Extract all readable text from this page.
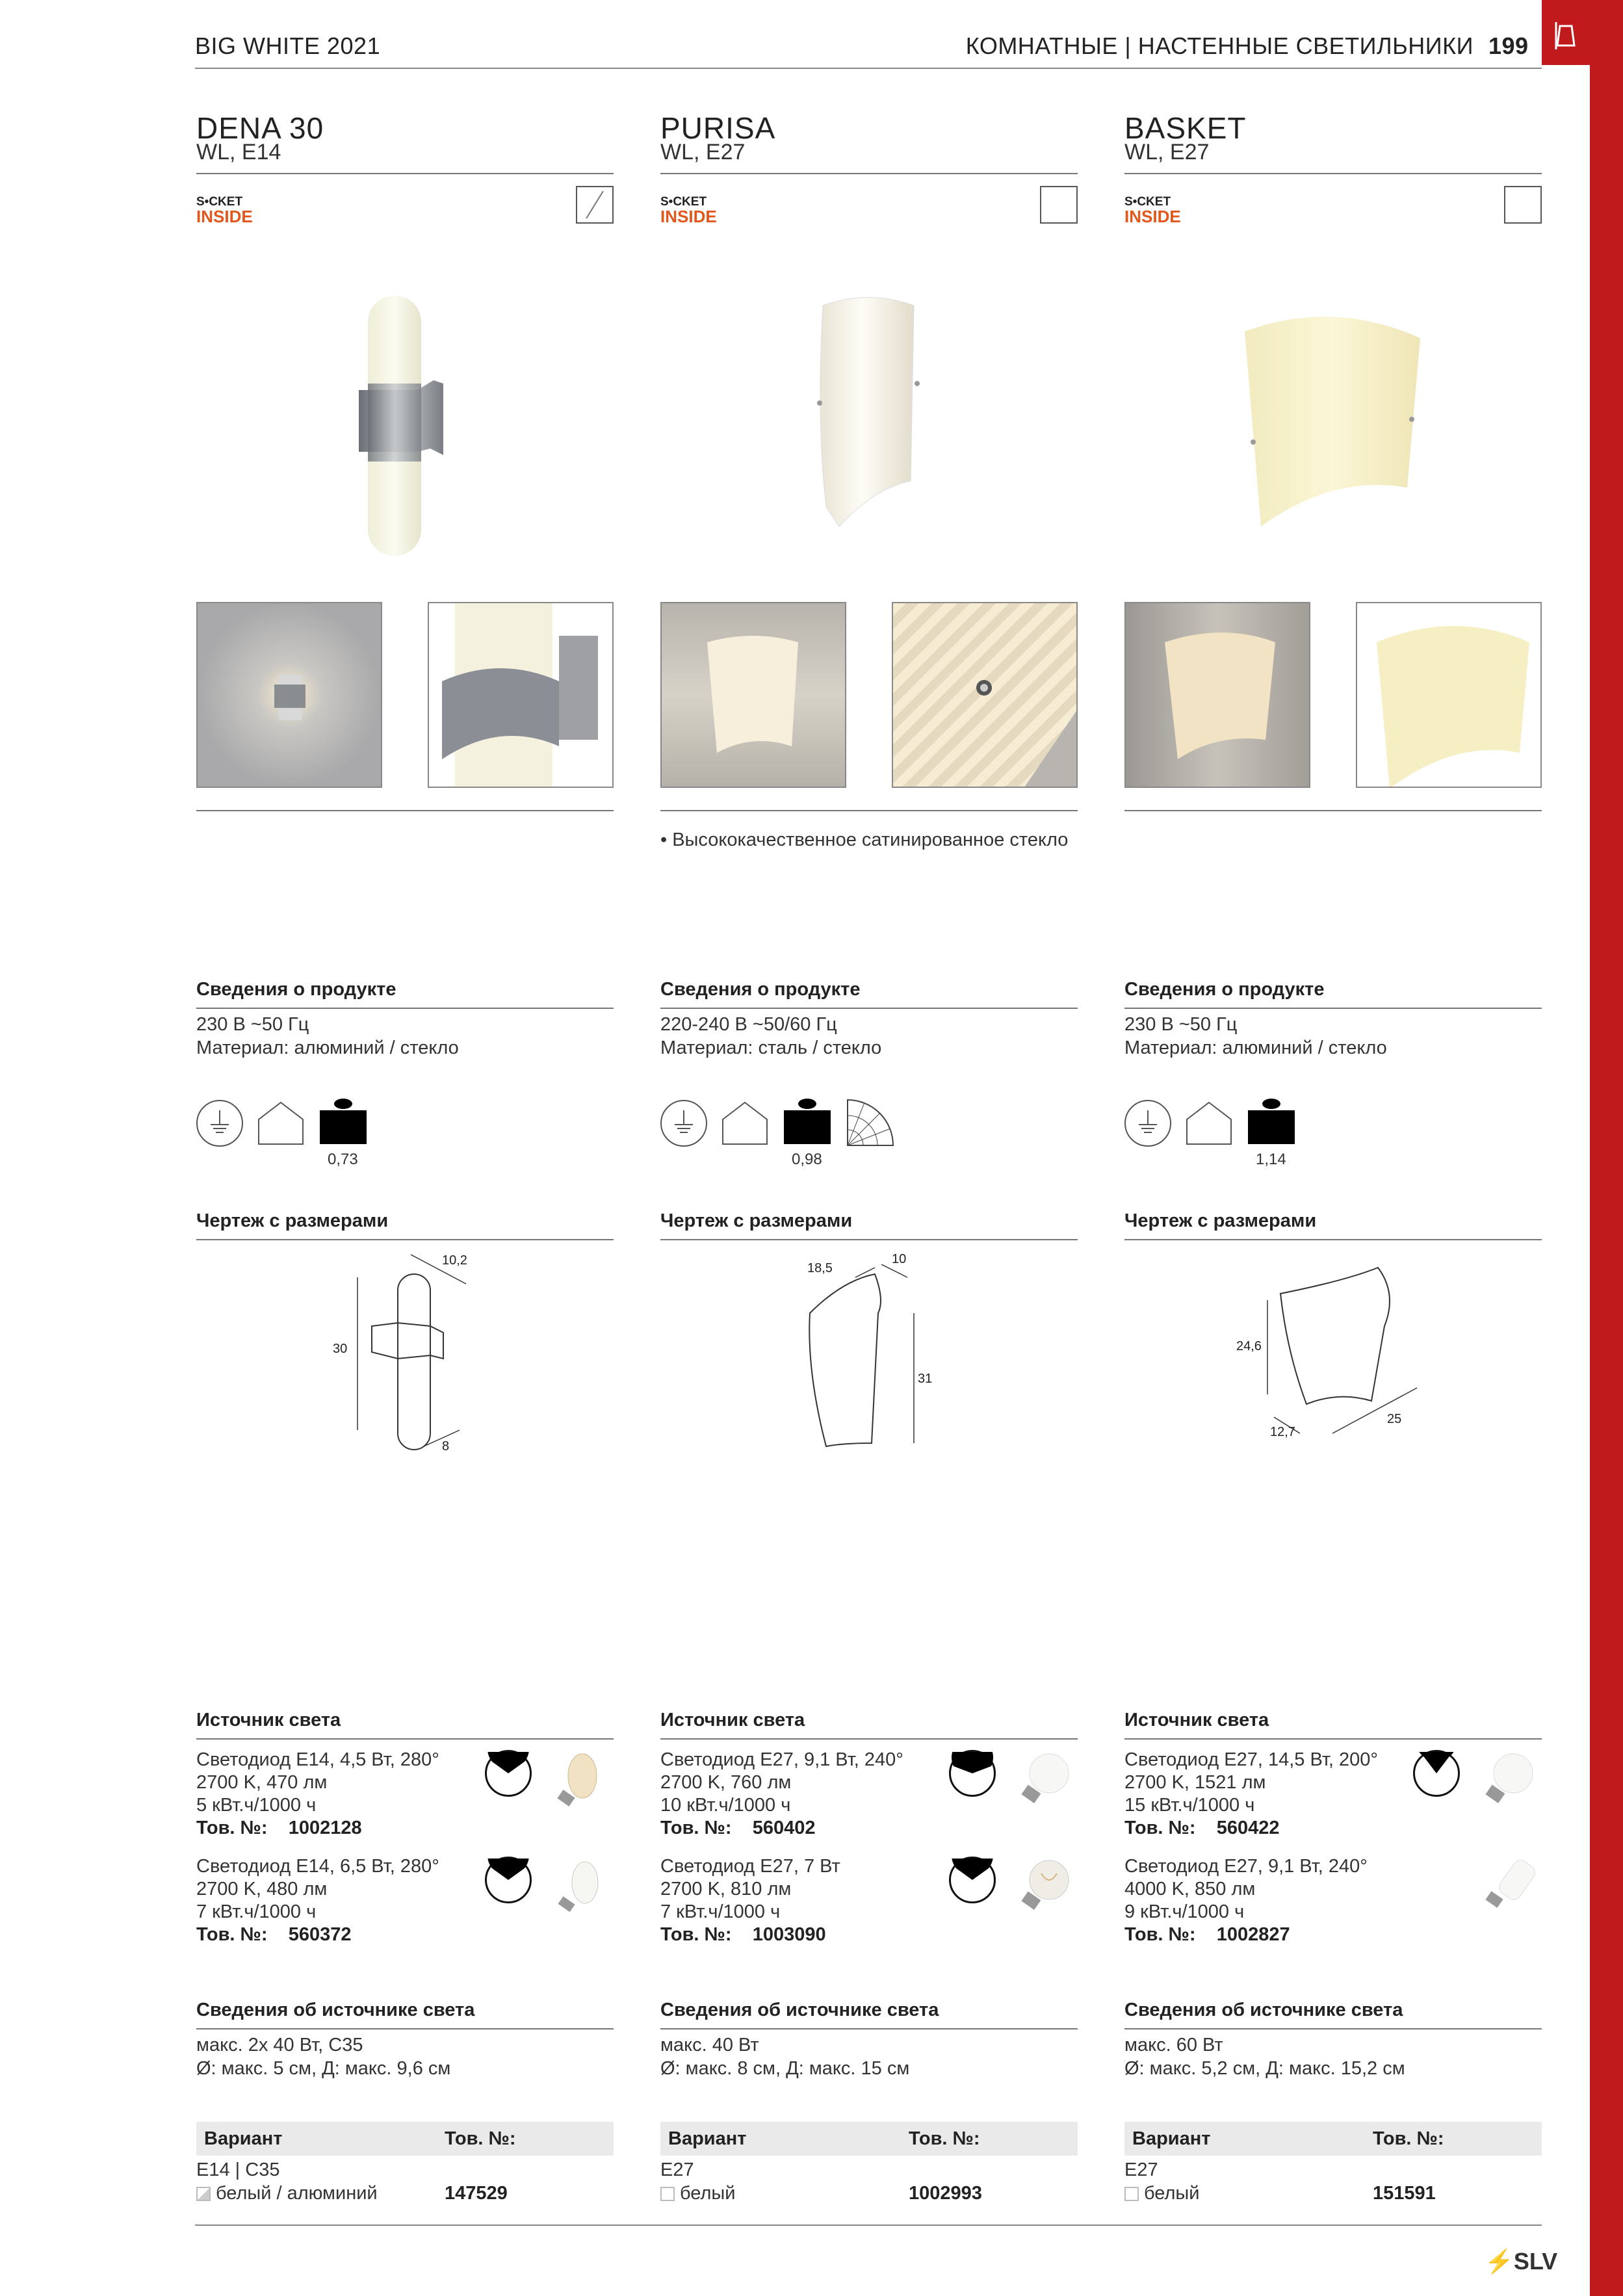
BIG WHITE 2021	КОМНАТНЫЕ | НАСТЕННЫЕ СВЕТИЛЬНИКИ 199
DENA 30
WL, E14
S•CKET
INSIDE
Сведения о продукте
230 В ~50 Гц
Материал: алюминий / стекло
0,73
Чертеж с размерами
10,2
30
8
Источник света
Светодиод E14, 4,5 Вт, 280°
2700 K, 470 лм
5 кВт.ч/1000 ч
Тов. №: 1002128
Светодиод E14, 6,5 Вт, 280°
2700 K, 480 лм
7 кВт.ч/1000 ч
Тов. №: 560372
Сведения об источнике света
макс. 2x 40 Вт, C35
Ø: макс. 5 см, Д: макс. 9,6 см
Вариант	Тов. №:
E14 | C35
белый / алюминий	147529
PURISA
WL, E27
S•CKET
INSIDE
• Высококачественное сатинированное стекло
Сведения о продукте
220-240 В ~50/60 Гц
Материал: сталь / стекло
0,98
Чертеж с размерами
18,5
10
31
Источник света
Светодиод E27, 9,1 Вт, 240°
2700 K, 760 лм
10 кВт.ч/1000 ч
Тов. №: 560402
Светодиод E27, 7 Вт
2700 K, 810 лм
7 кВт.ч/1000 ч
Тов. №: 1003090
Сведения об источнике света
макс. 40 Вт
Ø: макс. 8 см, Д: макс. 15 см
Вариант	Тов. №:
E27
белый	1002993
BASKET
WL, E27
S•CKET
INSIDE
Сведения о продукте
230 В ~50 Гц
Материал: алюминий / стекло
1,14
Чертеж с размерами
24,6
25
12,7
Источник света
Светодиод E27, 14,5 Вт, 200°
2700 K, 1521 лм
15 кВт.ч/1000 ч
Тов. №: 560422
Светодиод E27, 9,1 Вт, 240°
4000 K, 850 лм
9 кВт.ч/1000 ч
Тов. №: 1002827
Сведения об источнике света
макс. 60 Вт
Ø: макс. 5,2 см, Д: макс. 15,2 см
Вариант	Тов. №:
E27
белый	151591
⚡SLV
